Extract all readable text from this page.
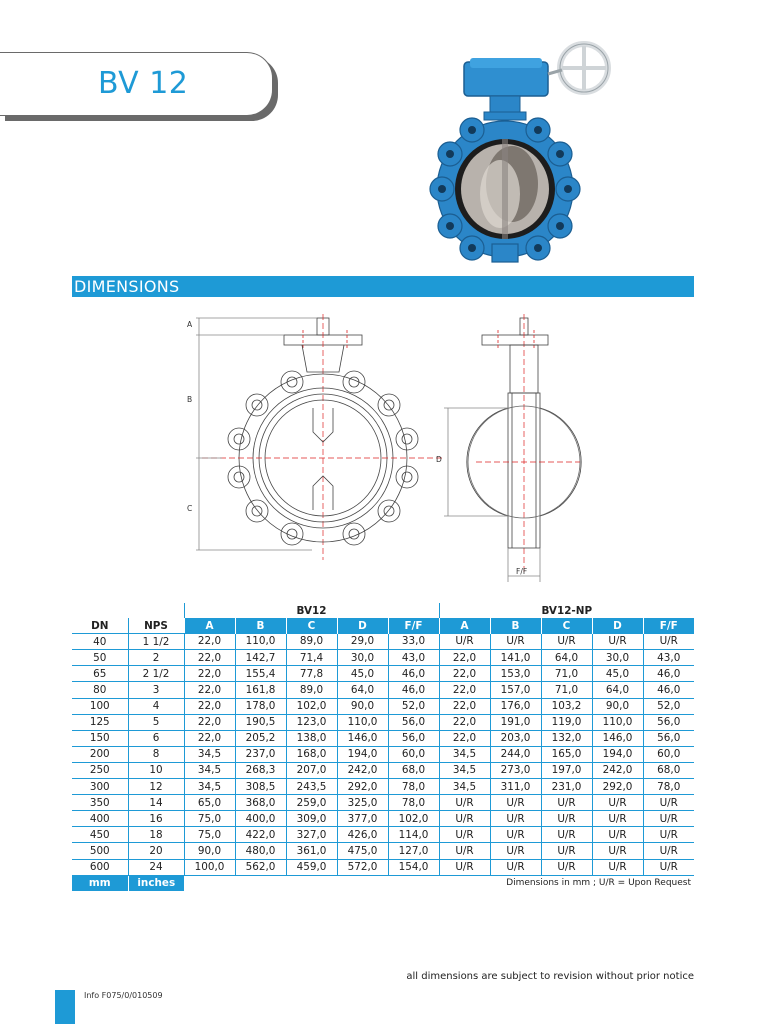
BV 12
DIMENSIONS
A
B
C
D
F/F
		BV12					BV12-NP				
DN	NPS	A	B	C	D	F/F	A	B	C	D	F/F
40	1 1/2	22,0	110,0	89,0	29,0	33,0	U/R	U/R	U/R	U/R	U/R
50	2	22,0	142,7	71,4	30,0	43,0	22,0	141,0	64,0	30,0	43,0
65	2 1/2	22,0	155,4	77,8	45,0	46,0	22,0	153,0	71,0	45,0	46,0
80	3	22,0	161,8	89,0	64,0	46,0	22,0	157,0	71,0	64,0	46,0
100	4	22,0	178,0	102,0	90,0	52,0	22,0	176,0	103,2	90,0	52,0
125	5	22,0	190,5	123,0	110,0	56,0	22,0	191,0	119,0	110,0	56,0
150	6	22,0	205,2	138,0	146,0	56,0	22,0	203,0	132,0	146,0	56,0
200	8	34,5	237,0	168,0	194,0	60,0	34,5	244,0	165,0	194,0	60,0
250	10	34,5	268,3	207,0	242,0	68,0	34,5	273,0	197,0	242,0	68,0
300	12	34,5	308,5	243,5	292,0	78,0	34,5	311,0	231,0	292,0	78,0
350	14	65,0	368,0	259,0	325,0	78,0	U/R	U/R	U/R	U/R	U/R
400	16	75,0	400,0	309,0	377,0	102,0	U/R	U/R	U/R	U/R	U/R
450	18	75,0	422,0	327,0	426,0	114,0	U/R	U/R	U/R	U/R	U/R
500	20	90,0	480,0	361,0	475,0	127,0	U/R	U/R	U/R	U/R	U/R
600	24	100,0	562,0	459,0	572,0	154,0	U/R	U/R	U/R	U/R	U/R
mm	inches	Dimensions in mm ; U/R = Upon Request									
all dimensions are subject to revision without prior notice
Info F075/0/010509
